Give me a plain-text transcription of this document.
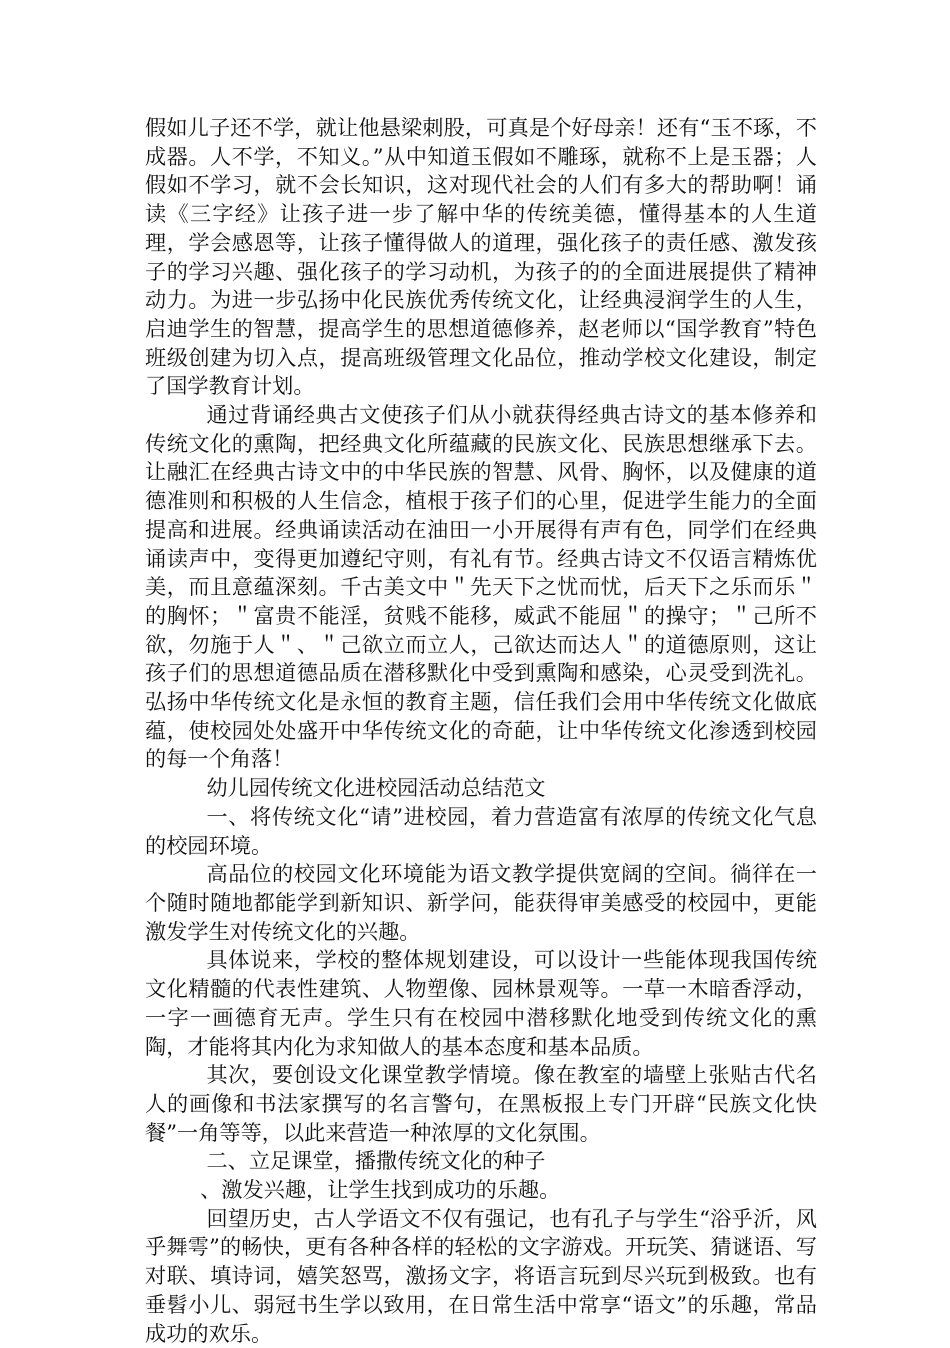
假如儿子还不学，就让他悬梁刺股，可真是个好母亲！还有“玉不琢，不成器。人不学，不知义。”从中知道玉假如不雕琢，就称不上是玉器；人假如不学习，就不会长知识，这对现代社会的人们有多大的帮助啊！诵读《三字经》让孩子进一步了解中华的传统美德，懂得基本的人生道理，学会感恩等，让孩子懂得做人的道理，强化孩子的责任感、激发孩子的学习兴趣、强化孩子的学习动机，为孩子的的全面进展提供了精神动力。为进一步弘扬中化民族优秀传统文化，让经典浸润学生的人生，启迪学生的智慧，提高学生的思想道德修养，赵老师以“国学教育”特色班级创建为切入点，提高班级管理文化品位，推动学校文化建设，制定了国学教育计划。

通过背诵经典古文使孩子们从小就获得经典古诗文的基本修养和传统文化的熏陶，把经典文化所蕴藏的民族文化、民族思想继承下去。让融汇在经典古诗文中的中华民族的智慧、风骨、胸怀，以及健康的道德准则和积极的人生信念，植根于孩子们的心里，促进学生能力的全面提高和进展。经典诵读活动在油田一小开展得有声有色，同学们在经典诵读声中，变得更加遵纪守则，有礼有节。经典古诗文不仅语言精炼优美，而且意蕴深刻。千古美文中＂先天下之忧而忧，后天下之乐而乐＂的胸怀；＂富贵不能淫，贫贱不能移，威武不能屈＂的操守；＂己所不欲，勿施于人＂、＂己欲立而立人，己欲达而达人＂的道德原则，这让孩子们的思想道德品质在潜移默化中受到熏陶和感染，心灵受到洗礼。弘扬中华传统文化是永恒的教育主题，信任我们会用中华传统文化做底蕴，使校园处处盛开中华传统文化的奇葩，让中华传统文化渗透到校园的每一个角落！

幼儿园传统文化进校园活动总结范文

一、将传统文化“请”进校园，着力营造富有浓厚的传统文化气息的校园环境。

高品位的校园文化环境能为语文教学提供宽阔的空间。徜徉在一个随时随地都能学到新知识、新学问，能获得审美感受的校园中，更能激发学生对传统文化的兴趣。

具体说来，学校的整体规划建设，可以设计一些能体现我国传统文化精髓的代表性建筑、人物塑像、园林景观等。一草一木暗香浮动，一字一画德育无声。学生只有在校园中潜移默化地受到传统文化的熏陶，才能将其内化为求知做人的基本态度和基本品质。

其次，要创设文化课堂教学情境。像在教室的墙壁上张贴古代名人的画像和书法家撰写的名言警句，在黑板报上专门开辟“民族文化快餐”一角等等，以此来营造一种浓厚的文化氛围。

二、立足课堂，播撒传统文化的种子

、激发兴趣，让学生找到成功的乐趣。

回望历史，古人学语文不仅有强记，也有孔子与学生“浴乎沂，风乎舞雩”的畅快，更有各种各样的轻松的文字游戏。开玩笑、猜谜语、写对联、填诗词，嬉笑怒骂，激扬文字，将语言玩到尽兴玩到极致。也有垂髫小儿、弱冠书生学以致用，在日常生活中常享“语文”的乐趣，常品成功的欢乐。
